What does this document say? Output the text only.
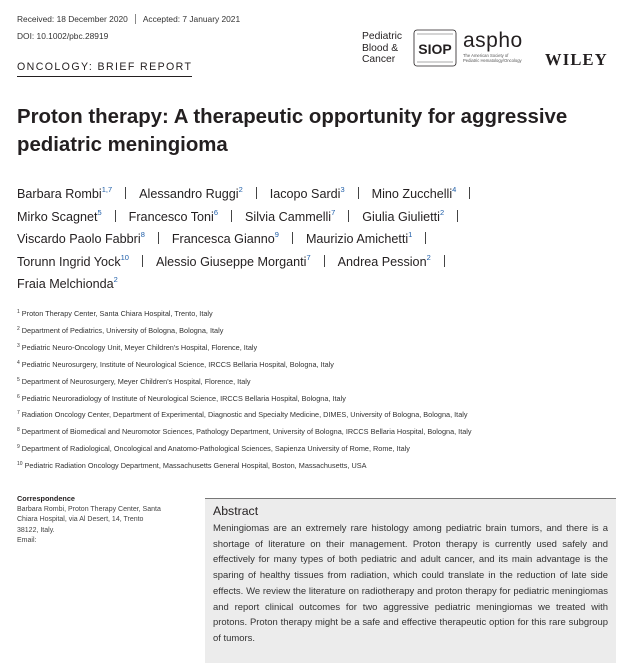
Received: 18 December 2020 Accepted: 7 January 2021
DOI: 10.1002/pbc.28919
ONCOLOGY: BRIEF REPORT
Pediatric
Blood &
Cancer
SIOP aspho
The American Society of
Pediatric Hematology/Oncology WILEY
Proton therapy: A therapeutic opportunity for aggressive pediatric meningioma
Barbara Rombi$^{1,7}$ Alessandro Ruggi$^2$ Iacopo Sardi$^3$ Mino Zucchelli$^4$
Mirko Scagnet$^5$ Francesco Toni$^6$ Silvia Cammelli$^7$ Giulia Giulietti$^2$
Viscardo Paolo Fabbri$^8$ Francesca Gianno$^9$ Maurizio Amichetti$^1$
Torunn Ingrid Yock$^{10}$ Alessio Giuseppe Morganti$^7$ Andrea Pession$^2$
Fraia Melchionda$^2$
$^1$ Proton Therapy Center, Santa Chiara Hospital, Trento, Italy
$^2$ Department of Pediatrics, University of Bologna, Bologna, Italy
$^3$ Pediatric Neuro-Oncology Unit, Meyer Children's Hospital, Florence, Italy
$^4$ Pediatric Neurosurgery, Institute of Neurological Science, IRCCS Bellaria Hospital, Bologna, Italy
$^5$ Department of Neurosurgery, Meyer Children's Hospital, Florence, Italy
$^6$ Pediatric Neuroradiology of Institute of Neurological Science, IRCCS Bellaria Hospital, Bologna, Italy
$^7$ Radiation Oncology Center, Department of Experimental, Diagnostic and Specialty Medicine, DIMES, University of Bologna, Bologna, Italy
$^8$ Department of Biomedical and Neuromotor Sciences, Pathology Department, University of Bologna, IRCCS Bellaria Hospital, Bologna, Italy
$^9$ Department of Radiological, Oncological and Anatomo-Pathological Sciences, Sapienza University of Rome, Rome, Italy
$^{10}$ Pediatric Radiation Oncology Department, Massachusetts General Hospital, Boston, Massachusetts, USA
Correspondence
Barbara Rombi, Proton Therapy Center, Santa
Chiara Hospital, via Al Desert, 14, Trento
38122, Italy.
Email:
Abstract
Meningiomas are an extremely rare histology among pediatric brain tumors, and there is a shortage of literature on their management. Proton therapy is currently used safely and effectively for many types of both pediatric and adult cancer, and its main advantage is the sparing of healthy tissues from radiation, which could translate in the reduction of late side effects. We review the literature on radiotherapy and proton therapy for pediatric meningiomas and report clinical outcomes for two aggressive pediatric meningiomas we treated with protons. Proton therapy might be a safe and effective therapeutic option for this rare subgroup of tumors.
